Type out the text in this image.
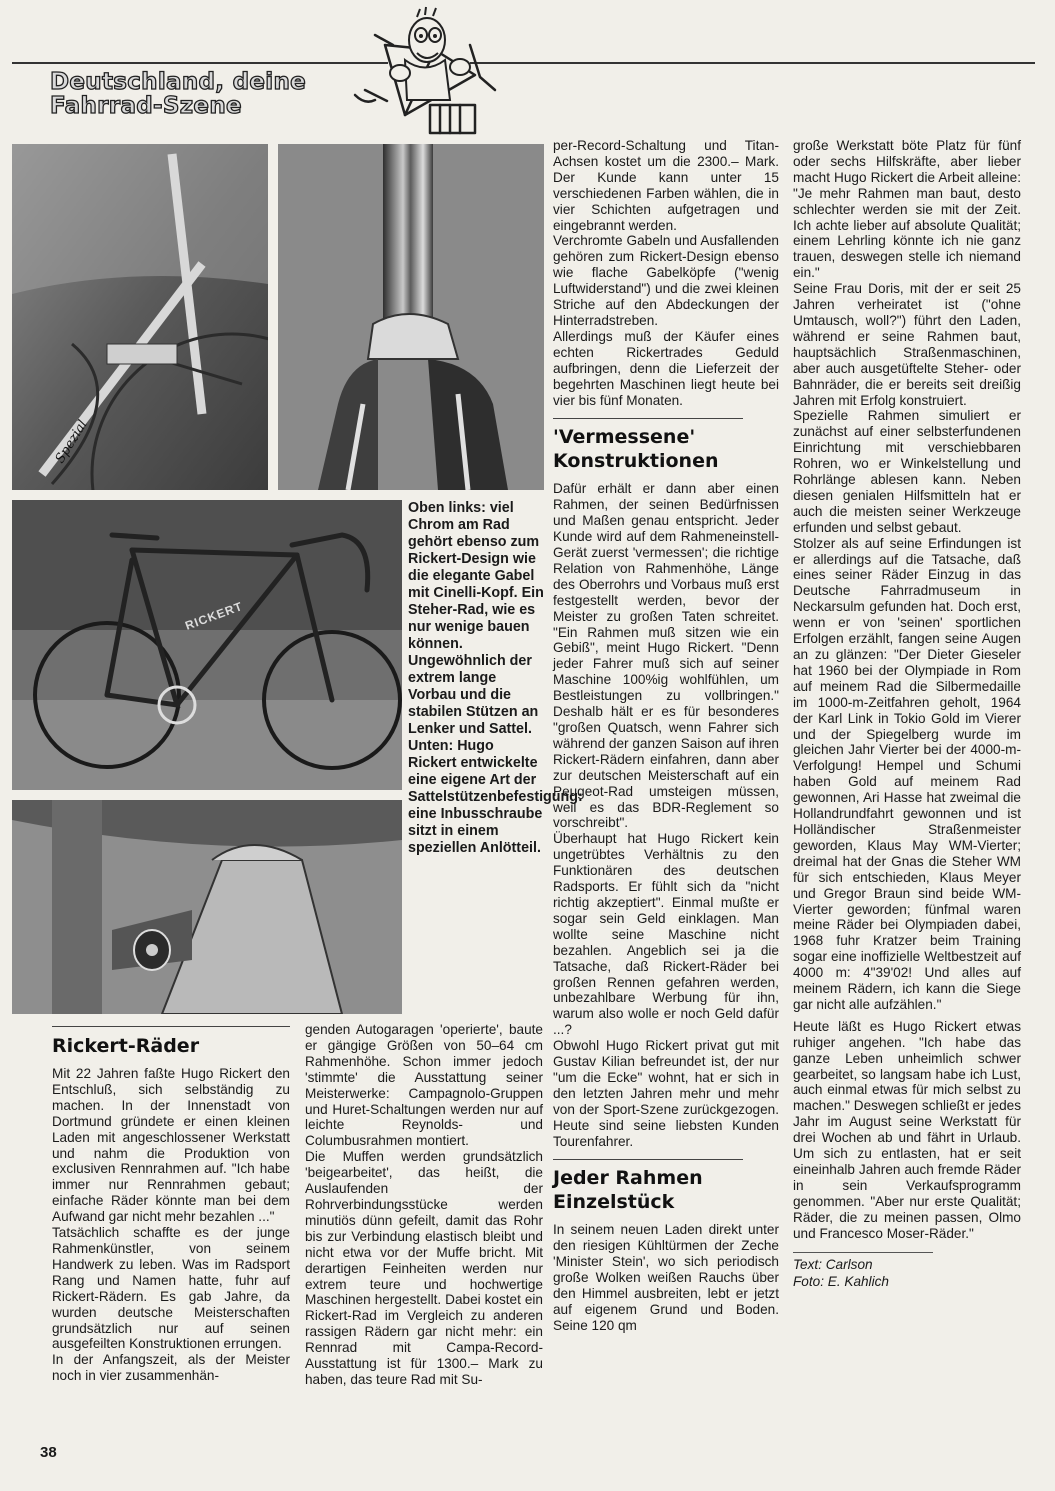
Deutschland, deine Fahrrad-Szene
Spezial
RICKERT

Oben links: viel Chrom am Rad gehört ebenso zum Rickert-Design wie die elegante Gabel mit Cinelli-Kopf. Ein Steher-Rad, wie es nur wenige bauen können. Ungewöhnlich der extrem lange Vorbau und die stabilen Stützen an Lenker und Sattel. Unten: Hugo Rickert entwickelte eine eigene Art der Sattelstützenbefestigung: eine Inbusschraube sitzt in einem speziellen Anlötteil.

Rickert-Räder

Mit 22 Jahren faßte Hugo Rickert den Entschluß, sich selbständig zu machen. In der Innenstadt von Dortmund gründete er einen kleinen Laden mit angeschlossener Werkstatt und nahm die Produktion von exclusiven Rennrahmen auf. "Ich habe immer nur Rennrahmen gebaut; einfache Räder könnte man bei dem Aufwand gar nicht mehr bezahlen ..."

Tatsächlich schaffte es der junge Rahmenkünstler, von seinem Handwerk zu leben. Was im Radsport Rang und Namen hatte, fuhr auf Rickert-Rädern. Es gab Jahre, da wurden deutsche Meisterschaften grundsätzlich nur auf seinen ausgefeilten Konstruktionen errungen.

In der Anfangszeit, als der Meister noch in vier zusammenhän-

genden Autogaragen 'operierte', baute er gängige Größen von 50–64 cm Rahmenhöhe. Schon immer jedoch 'stimmte' die Ausstattung seiner Meisterwerke: Campagnolo-Gruppen und Huret-Schaltungen werden nur auf leichte Reynolds- und Columbusrahmen montiert.

Die Muffen werden grundsätzlich 'beigearbeitet', das heißt, die Auslaufenden der Rohrverbindungsstücke werden minutiös dünn gefeilt, damit das Rohr bis zur Verbindung elastisch bleibt und nicht etwa vor der Muffe bricht. Mit derartigen Feinheiten werden nur extrem teure und hochwertige Maschinen hergestellt. Dabei kostet ein Rickert-Rad im Vergleich zu anderen rassigen Rädern gar nicht mehr: ein Rennrad mit Campa-Record-Ausstattung ist für 1300.– Mark zu haben, das teure Rad mit Su-

per-Record-Schaltung und Titan-Achsen kostet um die 2300.– Mark. Der Kunde kann unter 15 verschiedenen Farben wählen, die in vier Schichten aufgetragen und eingebrannt werden.

Verchromte Gabeln und Ausfallenden gehören zum Rickert-Design ebenso wie flache Gabelköpfe ("wenig Luftwiderstand") und die zwei kleinen Striche auf den Abdeckungen der Hinterradstreben.

Allerdings muß der Käufer eines echten Rickertrades Geduld aufbringen, denn die Lieferzeit der begehrten Maschinen liegt heute bei vier bis fünf Monaten.

'Vermessene' Konstruktionen

Dafür erhält er dann aber einen Rahmen, der seinen Bedürfnissen und Maßen genau entspricht. Jeder Kunde wird auf dem Rahmeneinstell-Gerät zuerst 'vermessen'; die richtige Relation von Rahmenhöhe, Länge des Oberrohrs und Vorbaus muß erst festgestellt werden, bevor der Meister zu großen Taten schreitet. "Ein Rahmen muß sitzen wie ein Gebiß", meint Hugo Rickert. "Denn jeder Fahrer muß sich auf seiner Maschine 100%ig wohlfühlen, um Bestleistungen zu vollbringen." Deshalb hält er es für besonderes "großen Quatsch, wenn Fahrer sich während der ganzen Saison auf ihren Rickert-Rädern einfahren, dann aber zur deutschen Meisterschaft auf ein Peugeot-Rad umsteigen müssen, weil es das BDR-Reglement so vorschreibt".

Überhaupt hat Hugo Rickert kein ungetrübtes Verhältnis zu den Funktionären des deutschen Radsports. Er fühlt sich da "nicht richtig akzeptiert". Einmal mußte er sogar sein Geld einklagen. Man wollte seine Maschine nicht bezahlen. Angeblich sei ja die Tatsache, daß Rickert-Räder bei großen Rennen gefahren werden, unbezahlbare Werbung für ihn, warum also wolle er noch Geld dafür ...?

Obwohl Hugo Rickert privat gut mit Gustav Kilian befreundet ist, der nur "um die Ecke" wohnt, hat er sich in den letzten Jahren mehr und mehr von der Sport-Szene zurückgezogen. Heute sind seine liebsten Kunden Tourenfahrer.

Jeder Rahmen Einzelstück

In seinem neuen Laden direkt unter den riesigen Kühltürmen der Zeche 'Minister Stein', wo sich periodisch große Wolken weißen Rauchs über den Himmel ausbreiten, lebt er jetzt auf eigenem Grund und Boden. Seine 120 qm

große Werkstatt böte Platz für fünf oder sechs Hilfskräfte, aber lieber macht Hugo Rickert die Arbeit alleine: "Je mehr Rahmen man baut, desto schlechter werden sie mit der Zeit. Ich achte lieber auf absolute Qualität; einem Lehrling könnte ich nie ganz trauen, deswegen stelle ich niemand ein."

Seine Frau Doris, mit der er seit 25 Jahren verheiratet ist ("ohne Umtausch, woll?") führt den Laden, während er seine Rahmen baut, hauptsächlich Straßenmaschinen, aber auch ausgetüftelte Steher- oder Bahnräder, die er bereits seit dreißig Jahren mit Erfolg konstruiert.

Spezielle Rahmen simuliert er zunächst auf einer selbsterfundenen Einrichtung mit verschiebbaren Rohren, wo er Winkelstellung und Rohrlänge ablesen kann. Neben diesen genialen Hilfsmitteln hat er auch die meisten seiner Werkzeuge erfunden und selbst gebaut.

Stolzer als auf seine Erfindungen ist er allerdings auf die Tatsache, daß eines seiner Räder Einzug in das Deutsche Fahrradmuseum in Neckarsulm gefunden hat. Doch erst, wenn er von 'seinen' sportlichen Erfolgen erzählt, fangen seine Augen an zu glänzen: "Der Dieter Gieseler hat 1960 bei der Olympiade in Rom auf meinem Rad die Silbermedaille im 1000-m-Zeitfahren geholt, 1964 der Karl Link in Tokio Gold im Vierer und der Spiegelberg wurde im gleichen Jahr Vierter bei der 4000-m-Verfolgung! Hempel und Schumi haben Gold auf meinem Rad gewonnen, Ari Hasse hat zweimal die Hollandrundfahrt gewonnen und ist Holländischer Straßenmeister geworden, Klaus May WM-Vierter; dreimal hat der Gnas die Steher WM für sich entschieden, Klaus Meyer und Gregor Braun sind beide WM-Vierter geworden; fünfmal waren meine Räder bei Olympiaden dabei, 1968 fuhr Kratzer beim Training sogar eine inoffizielle Weltbestzeit auf 4000 m: 4"39'02! Und alles auf meinem Rädern, ich kann die Siege gar nicht alle aufzählen."

Heute läßt es Hugo Rickert etwas ruhiger angehen. "Ich habe das ganze Leben unheimlich schwer gearbeitet, so langsam habe ich Lust, auch einmal etwas für mich selbst zu machen." Deswegen schließt er jedes Jahr im August seine Werkstatt für drei Wochen ab und fährt in Urlaub. Um sich zu entlasten, hat er seit eineinhalb Jahren auch fremde Räder in sein Verkaufsprogramm genommen. "Aber nur erste Qualität; Räder, die zu meinen passen, Olmo und Francesco Moser-Räder."

Text: Carlson
Foto: E. Kahlich
38
